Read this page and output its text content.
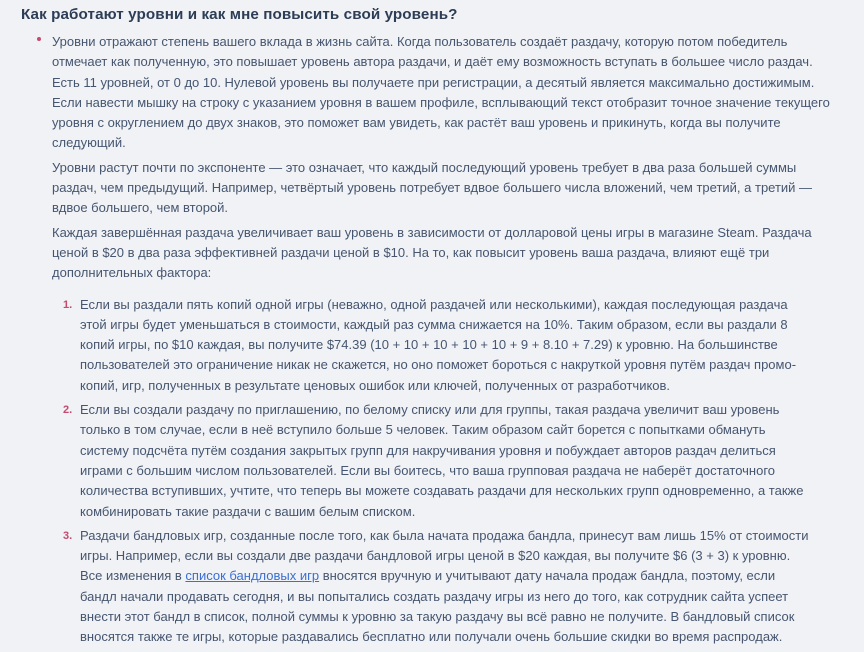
Как работают уровни и как мне повысить свой уровень?

Уровни отражают степень вашего вклада в жизнь сайта. Когда пользователь создаёт раздачу, которую потом победитель
отмечает как полученную, это повышает уровень автора раздачи, и даёт ему возможность вступать в большее число раздач.
Есть 11 уровней, от 0 до 10. Нулевой уровень вы получаете при регистрации, а десятый является максимально достижимым.
Если навести мышку на строку с указанием уровня в вашем профиле, всплывающий текст отобразит точное значение текущего
уровня с округлением до двух знаков, это поможет вам увидеть, как растёт ваш уровень и прикинуть, когда вы получите
следующий.

Уровни растут почти по экспоненте — это означает, что каждый последующий уровень требует в два раза большей суммы
раздач, чем предыдущий. Например, четвёртый уровень потребует вдвое большего числа вложений, чем третий, а третий —
вдвое большего, чем второй.

Каждая завершённая раздача увеличивает ваш уровень в зависимости от долларовой цены игры в магазине Steam. Раздача
ценой в $20 в два раза эффективней раздачи ценой в $10. На то, как повысит уровень ваша раздача, влияют ещё три
дополнительных фактора:

1. Если вы раздали пять копий одной игры (неважно, одной раздачей или несколькими), каждая последующая раздача
этой игры будет уменьшаться в стоимости, каждый раз сумма снижается на 10%. Таким образом, если вы раздали 8
копий игры, по $10 каждая, вы получите $74.39 (10 + 10 + 10 + 10 + 10 + 9 + 8.10 + 7.29) к уровню. На большинстве
пользователей это ограничение никак не скажется, но оно поможет бороться с накруткой уровня путём раздач промо-
копий, игр, полученных в результате ценовых ошибок или ключей, полученных от разработчиков.
2. Если вы создали раздачу по приглашению, по белому списку или для группы, такая раздача увеличит ваш уровень
только в том случае, если в неё вступило больше 5 человек. Таким образом сайт борется с попытками обмануть
систему подсчёта путём создания закрытых групп для накручивания уровня и побуждает авторов раздач делиться
играми с большим числом пользователей. Если вы боитесь, что ваша групповая раздача не наберёт достаточного
количества вступивших, учтите, что теперь вы можете создавать раздачи для нескольких групп одновременно, а также
комбинировать такие раздачи с вашим белым списком.
3. Раздачи бандловых игр, созданные после того, как была начата продажа бандла, принесут вам лишь 15% от стоимости
игры. Например, если вы создали две раздачи бандловой игры ценой в $20 каждая, вы получите $6 (3 + 3) к уровню.
Все изменения в список бандловых игр вносятся вручную и учитывают дату начала продаж бандла, поэтому, если
бандл начали продавать сегодня, и вы попытались создать раздачу игры из него до того, как сотрудник сайта успеет
внести этот бандл в список, полной суммы к уровню за такую раздачу вы всё равно не получите. В бандловый список
вносятся также те игры, которые раздавались бесплатно или получали очень большие скидки во время распродаж.
